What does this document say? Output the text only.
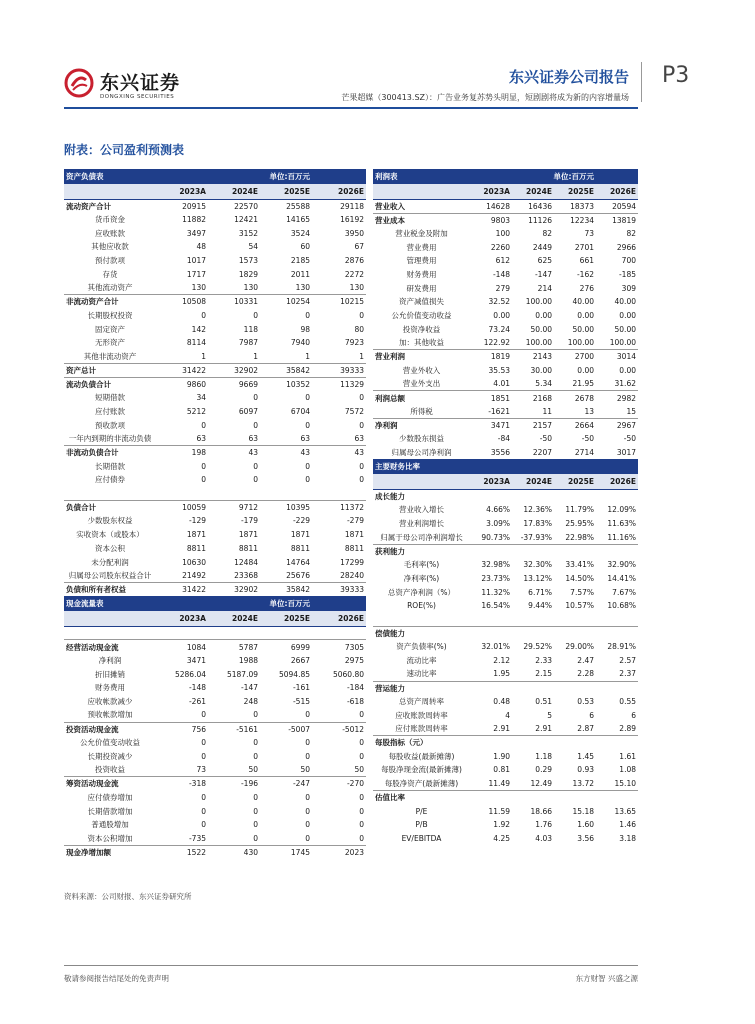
东兴证券
DONGXING SECURITIES
东兴证券公司报告 P3
芒果超媒（300413.SZ）：广告业务复苏势头明显，短剧剧将成为新的内容增量场
附表：公司盈利预测表
资产负债表		单位:百万元		
	2023A	2024E	2025E	2026E
流动资产合计	20915	22570	25588	29118
货币资金	11882	12421	14165	16192
应收账款	3497	3152	3524	3950
其他应收款	48	54	60	67
预付款项	1017	1573	2185	2876
存货	1717	1829	2011	2272
其他流动资产	130	130	130	130
非流动资产合计	10508	10331	10254	10215
长期股权投资	0	0	0	0
固定资产	142	118	98	80
无形资产	8114	7987	7940	7923
其他非流动资产	1	1	1	1
资产总计	31422	32902	35842	39333
流动负债合计	9860	9669	10352	11329
短期借款	34	0	0	0
应付账款	5212	6097	6704	7572
预收款项	0	0	0	0
一年内到期的非流动负债	63	63	63	63
非流动负债合计	198	43	43	43
长期借款	0	0	0	0
应付债券	0	0	0	0

负债合计	10059	9712	10395	11372
少数股东权益	-129	-179	-229	-279
实收资本（或股本）	1871	1871	1871	1871
资本公积	8811	8811	8811	8811
未分配利润	10630	12484	14764	17299
归属母公司股东权益合计	21492	23368	25676	28240
负债和所有者权益	31422	32902	35842	39333
现金流量表		单位:百万元		
	2023A	2024E	2025E	2026E

经营活动现金流	1084	5787	6999	7305
净利润	3471	1988	2667	2975
折旧摊销	5286.04	5187.09	5094.85	5060.80
财务费用	-148	-147	-161	-184
应收帐款减少	-261	248	-515	-618
预收帐款增加	0	0	0	0
投资活动现金流	756	-5161	-5007	-5012
公允价值变动收益	0	0	0	0
长期投资减少	0	0	0	0
投资收益	73	50	50	50
筹资活动现金流	-318	-196	-247	-270
应付债券增加	0	0	0	0
长期借款增加	0	0	0	0
普通股增加	0	0	0	0
资本公积增加	-735	0	0	0
现金净增加额	1522	430	1745	2023
利润表		单位:百万元		
	2023A	2024E	2025E	2026E
营业收入	14628	16436	18373	20594
营业成本	9803	11126	12234	13819
营业税金及附加	100	82	73	82
营业费用	2260	2449	2701	2966
管理费用	612	625	661	700
财务费用	-148	-147	-162	-185
研发费用	279	214	276	309
资产减值损失	32.52	100.00	40.00	40.00
公允价值变动收益	0.00	0.00	0.00	0.00
投资净收益	73.24	50.00	50.00	50.00
加：其他收益	122.92	100.00	100.00	100.00
营业利润	1819	2143	2700	3014
营业外收入	35.53	30.00	0.00	0.00
营业外支出	4.01	5.34	21.95	31.62
利润总额	1851	2168	2678	2982
所得税	-1621	11	13	15
净利润	3471	2157	2664	2967
少数股东损益	-84	-50	-50	-50
归属母公司净利润	3556	2207	2714	3017
主要财务比率				
	2023A	2024E	2025E	2026E
成长能力				
营业收入增长	4.66%	12.36%	11.79%	12.09%
营业利润增长	3.09%	17.83%	25.95%	11.63%
归属于母公司净利润增长	90.73%	-37.93%	22.98%	11.16%
获利能力				
毛利率(%)	32.98%	32.30%	33.41%	32.90%
净利率(%)	23.73%	13.12%	14.50%	14.41%
总资产净利润（%）	11.32%	6.71%	7.57%	7.67%
ROE(%)	16.54%	9.44%	10.57%	10.68%

偿债能力				
资产负债率(%)	32.01%	29.52%	29.00%	28.91%
流动比率	2.12	2.33	2.47	2.57
速动比率	1.95	2.15	2.28	2.37
营运能力				
总资产周转率	0.48	0.51	0.53	0.55
应收账款周转率	4	5	6	6
应付账款周转率	2.91	2.91	2.87	2.89
每股指标（元）				
每股收益(最新摊薄)	1.90	1.18	1.45	1.61
每股净现金流(最新摊薄)	0.81	0.29	0.93	1.08
每股净资产(最新摊薄)	11.49	12.49	13.72	15.10
估值比率				
P/E	11.59	18.66	15.18	13.65
P/B	1.92	1.76	1.60	1.46
EV/EBITDA	4.25	4.03	3.56	3.18
资料来源：公司财报、东兴证券研究所
敬请参阅报告结尾处的免责声明	东方财智 兴盛之源
